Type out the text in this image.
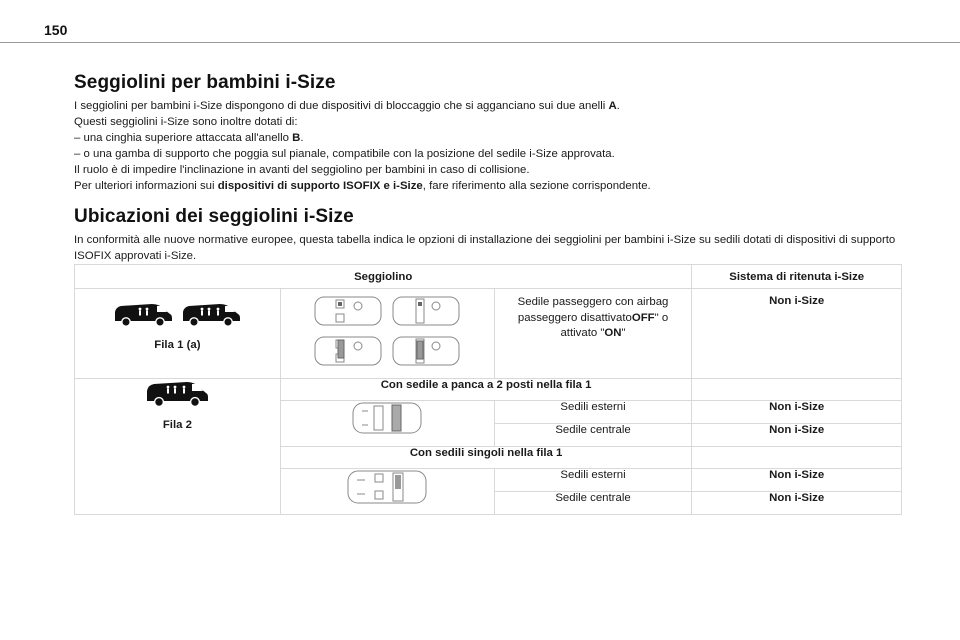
150
Seggiolini per bambini i-Size

I seggiolini per bambini i-Size dispongono di due dispositivi di bloccaggio che si agganciano sui due anelli A.

Questi seggiolini i-Size sono inoltre dotati di:

– una cinghia superiore attaccata all'anello B.

– o una gamba di supporto che poggia sul pianale, compatibile con la posizione del sedile i-Size approvata.

Il ruolo è di impedire l'inclinazione in avanti del seggiolino per bambini in caso di collisione.

Per ulteriori informazioni sui dispositivi di supporto ISOFIX e i-Size, fare riferimento alla sezione corrispondente.

Ubicazioni dei seggiolini i-Size

In conformità alle nuove normative europee, questa tabella indica le opzioni di installazione dei seggiolini per bambini i-Size su sedili dotati di dispositivi di supporto ISOFIX approvati i-Size.

Seggiolino			Sistema di ritenuta i-Size

Fila 1 (a)		Sedile passeggero con airbag
passeggero disattivatoOFF" o
attivato "ON"	Non i-Size

Fila 2	Con sedile a panca a 2 posti nella fila 1		

	Sedili esterni	Non i-Size
		Sedile centrale	Non i-Size
	Con sedili singoli nella fila 1		

	Sedili esterni	Non i-Size
		Sedile centrale	Non i-Size
